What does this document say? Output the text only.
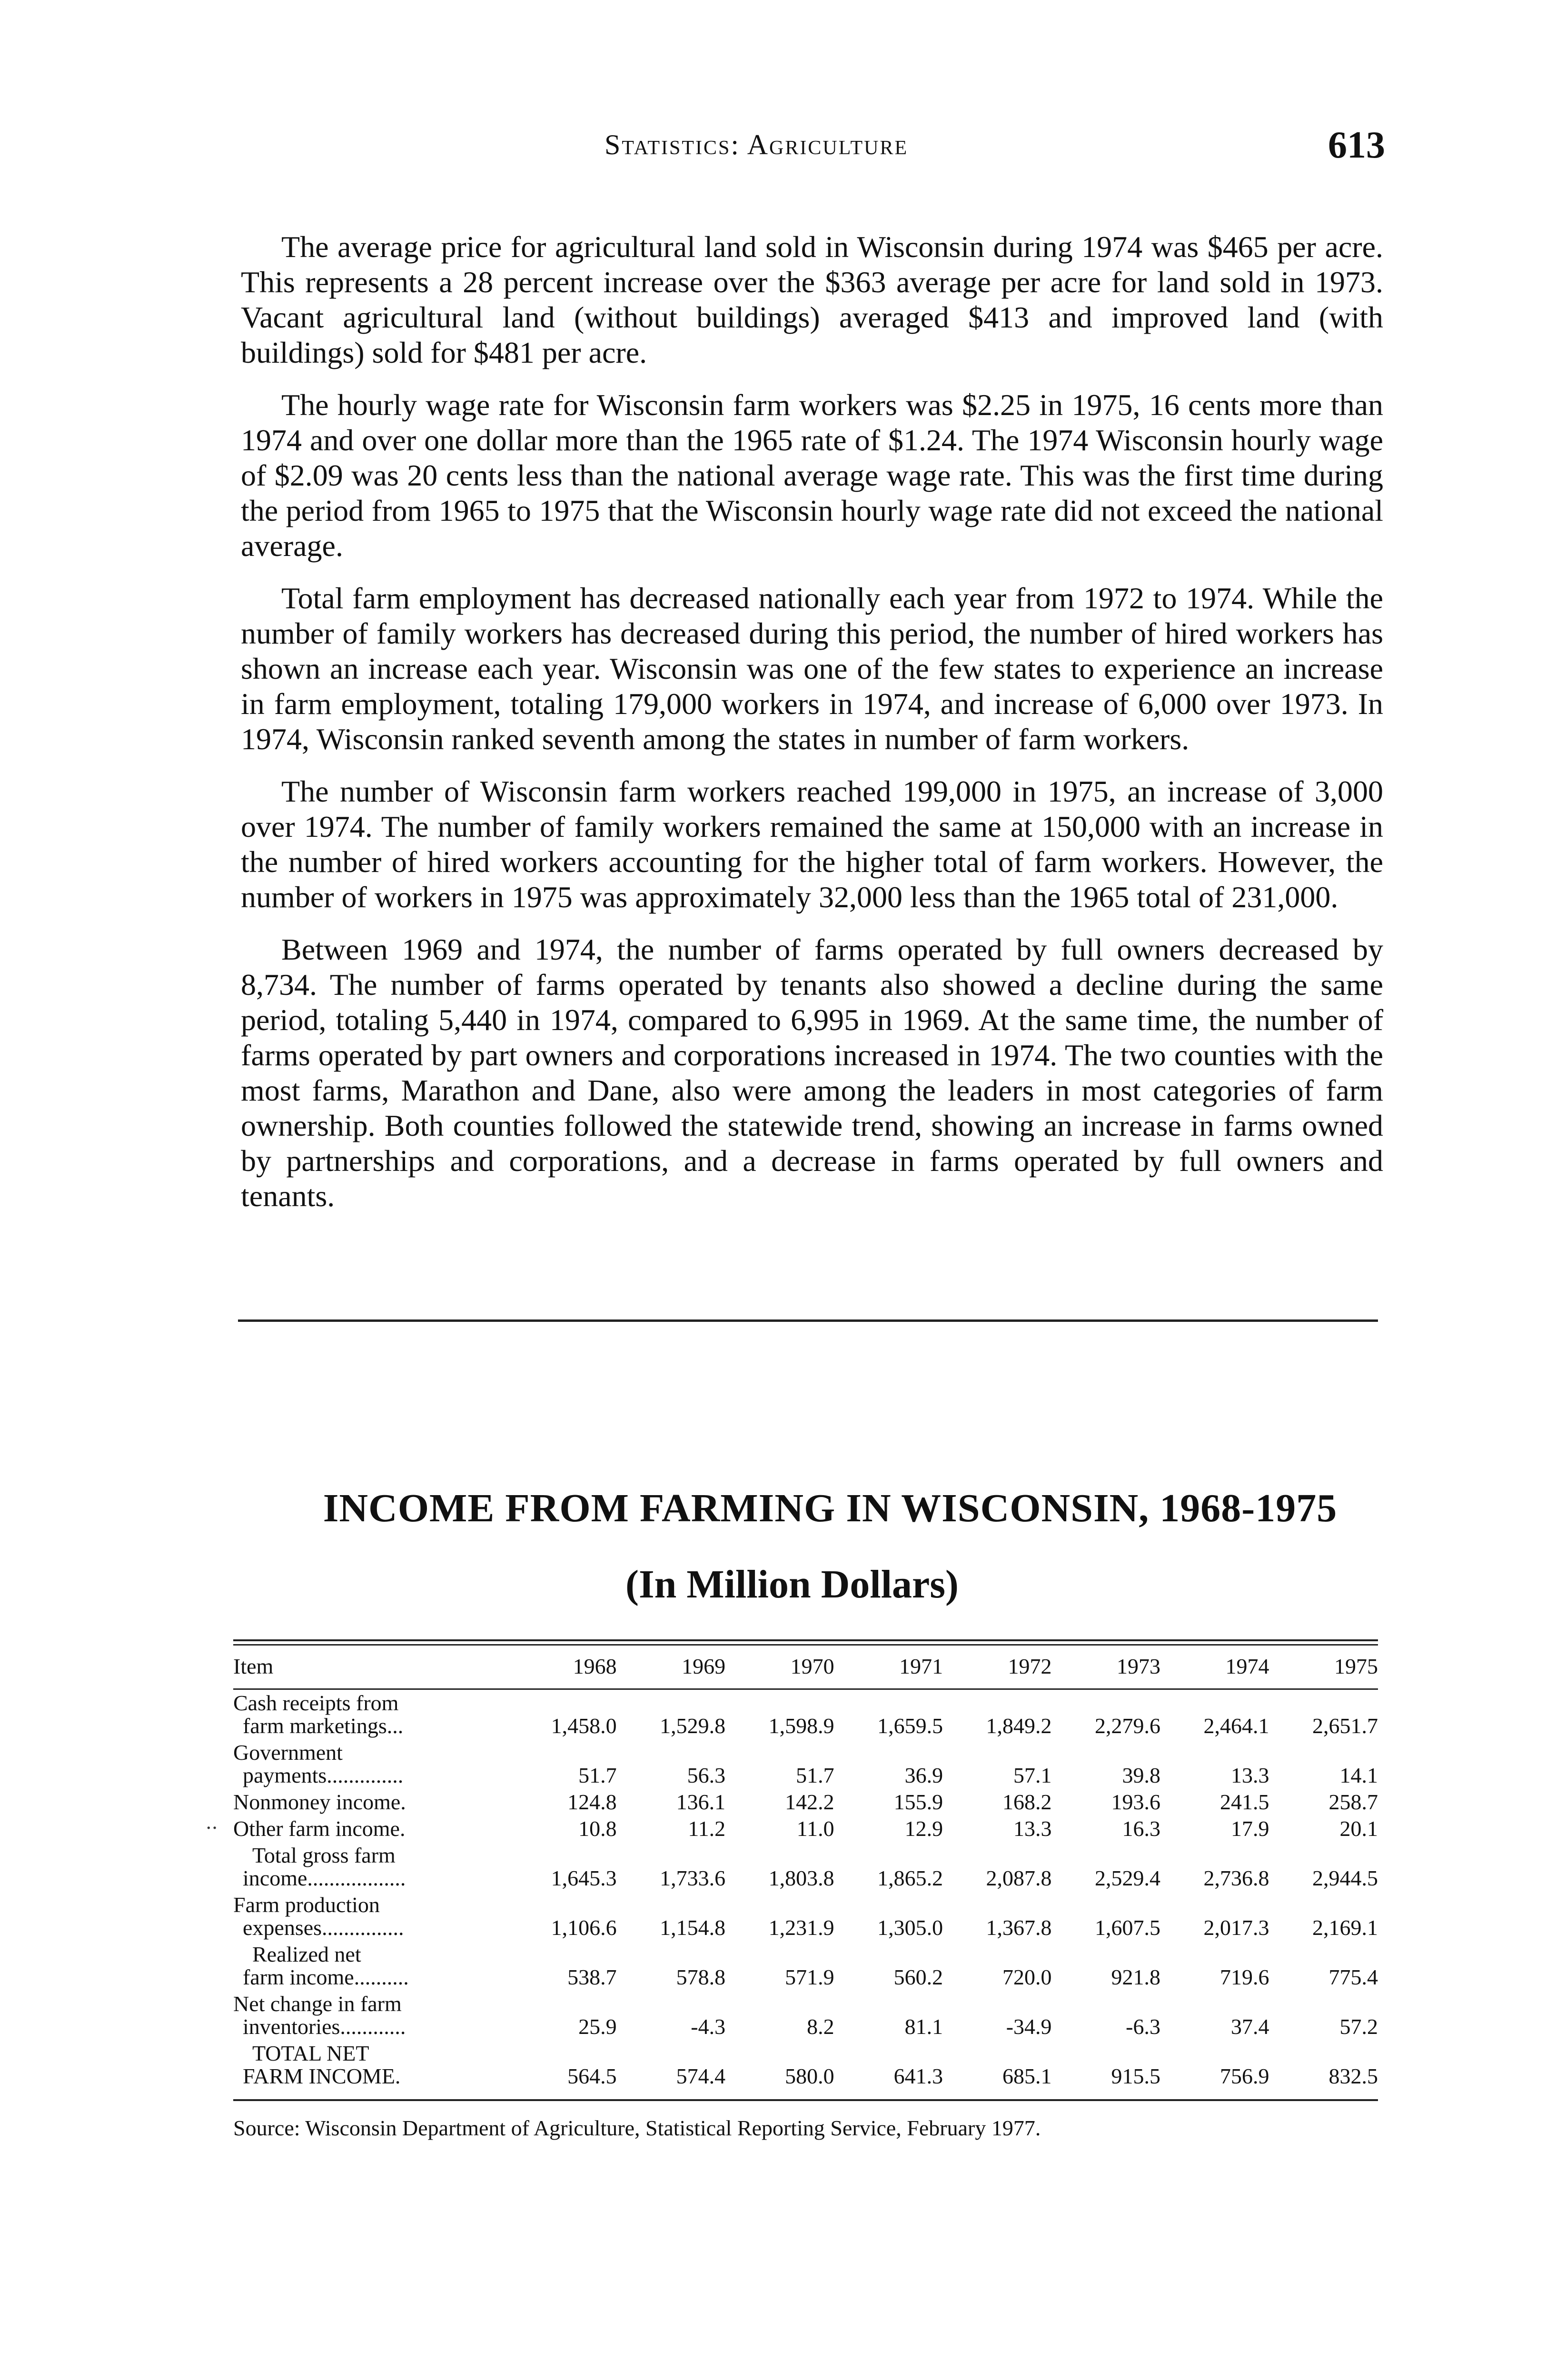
Statistics: Agriculture	613

The average price for agricultural land sold in Wisconsin during 1974 was $465 per acre. This represents a 28 percent increase over the $363 average per acre for land sold in 1973. Vacant agricultural land (without buildings) averaged $413 and improved land (with buildings) sold for $481 per acre.

The hourly wage rate for Wisconsin farm workers was $2.25 in 1975, 16 cents more than 1974 and over one dollar more than the 1965 rate of $1.24. The 1974 Wisconsin hourly wage of $2.09 was 20 cents less than the national average wage rate. This was the first time during the period from 1965 to 1975 that the Wisconsin hourly wage rate did not exceed the national average.

Total farm employment has decreased nationally each year from 1972 to 1974. While the number of family workers has decreased during this period, the number of hired workers has shown an increase each year. Wisconsin was one of the few states to experience an increase in farm employment, totaling 179,000 workers in 1974, and increase of 6,000 over 1973. In 1974, Wisconsin ranked seventh among the states in number of farm workers.

The number of Wisconsin farm workers reached 199,000 in 1975, an increase of 3,000 over 1974. The number of family workers remained the same at 150,000 with an increase in the number of hired workers accounting for the higher total of farm workers. However, the number of workers in 1975 was approximately 32,000 less than the 1965 total of 231,000.

Between 1969 and 1974, the number of farms operated by full owners decreased by 8,734. The number of farms operated by tenants also showed a decline during the same period, totaling 5,440 in 1974, compared to 6,995 in 1969. At the same time, the number of farms operated by part owners and corporations increased in 1974. The two counties with the most farms, Marathon and Dane, also were among the leaders in most categories of farm ownership. Both counties followed the statewide trend, showing an increase in farms owned by partnerships and corporations, and a decrease in farms operated by full owners and tenants.

INCOME FROM FARMING IN WISCONSIN, 1968-1975
(In Million Dollars)
··
Item	1968	1969	1970	1971	1972	1973	1974	1975

Cash receipts from
farm marketings...	1,458.0	1,529.8	1,598.9	1,659.5	1,849.2	2,279.6	2,464.1	2,651.7

Government
payments..............	51.7	56.3	51.7	36.9	57.1	39.8	13.3	14.1

Nonmoney income.	124.8	136.1	142.2	155.9	168.2	193.6	241.5	258.7

Other farm income.	10.8	11.2	11.0	12.9	13.3	16.3	17.9	20.1

Total gross farm
income..................	1,645.3	1,733.6	1,803.8	1,865.2	2,087.8	2,529.4	2,736.8	2,944.5

Farm production
expenses...............	1,106.6	1,154.8	1,231.9	1,305.0	1,367.8	1,607.5	2,017.3	2,169.1

Realized net
farm income..........	538.7	578.8	571.9	560.2	720.0	921.8	719.6	775.4

Net change in farm
inventories............	25.9	-4.3	8.2	81.1	-34.9	-6.3	37.4	57.2

TOTAL NET
FARM INCOME.	564.5	574.4	580.0	641.3	685.1	915.5	756.9	832.5
Source: Wisconsin Department of Agriculture, Statistical Reporting Service, February 1977.
